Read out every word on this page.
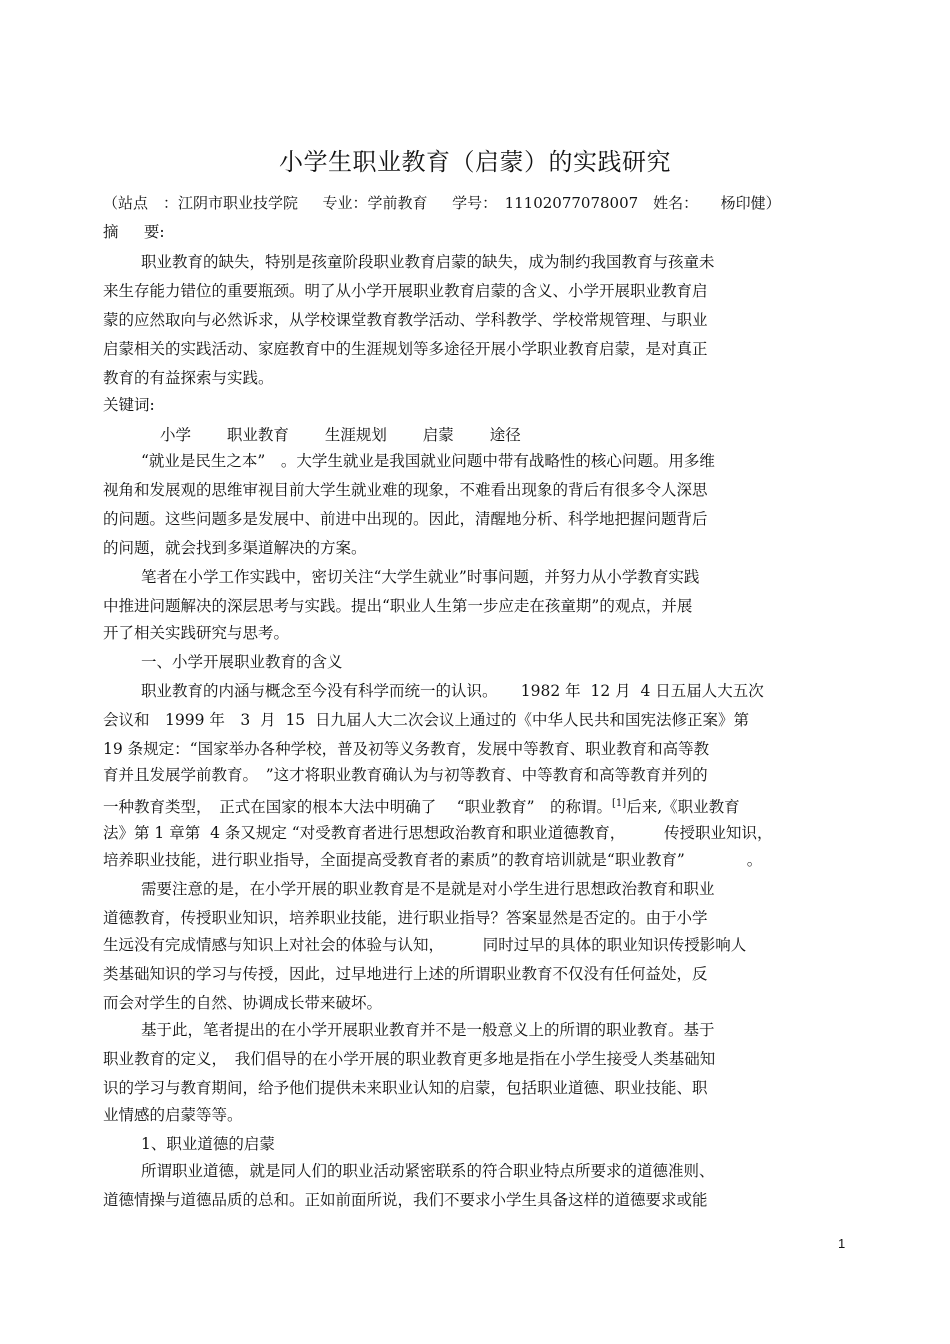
小学生职业教育（启蒙）的实践研究
（站点　：江阴市职业技学院　  专业：学前教育　  学号：　11102077078007　姓名：　　杨印健）
摘　  要:
职业教育的缺失，特别是孩童阶段职业教育启蒙的缺失，成为制约我国教育与孩童未
来生存能力错位的重要瓶颈。明了从小学开展职业教育启蒙的含义、小学开展职业教育启
蒙的应然取向与必然诉求，从学校课堂教育教学活动、学科教学、学校常规管理、与职业
启蒙相关的实践活动、家庭教育中的生涯规划等多途径开展小学职业教育启蒙，是对真正
教育的有益探索与实践。
关键词:
小学　　 职业教育　　 生涯规划　　 启蒙　　 途径
“就业是民生之本”　。大学生就业是我国就业问题中带有战略性的核心问题。用多维
视角和发展观的思维审视目前大学生就业难的现象，不难看出现象的背后有很多令人深思
的问题。这些问题多是发展中、前进中出现的。因此，清醒地分析、科学地把握问题背后
的问题，就会找到多渠道解决的方案。
笔者在小学工作实践中，密切关注“大学生就业”时事问题，并努力从小学教育实践
中推进问题解决的深层思考与实践。提出“职业人生第一步应走在孩童期”的观点，并展
开了相关实践研究与思考。
一、小学开展职业教育的含义
职业教育的内涵与概念至今没有科学而统一的认识。　　1982 年  12 月  4 日五届人大五次
会议和　1999 年　3  月  15  日九届人大二次会议上通过的《中华人民共和国宪法修正案》第
19 条规定：“国家举办各种学校，普及初等义务教育，发展中等教育、职业教育和高等教
育并且发展学前教育。　”这才将职业教育确认为与初等教育、中等教育和高等教育并列的
一种教育类型，　正式在国家的根本大法中明确了　 “职业教育”　的称谓。[1]后来,《职业教育
法》第 1 章第  4 条又规定 “对受教育者进行思想政治教育和职业道德教育，　　　传授职业知识，
培养职业技能，进行职业指导，全面提高受教育者的素质”的教育培训就是“职业教育”　　　　。
需要注意的是，在小学开展的职业教育是不是就是对小学生进行思想政治教育和职业
道德教育，传授职业知识，培养职业技能，进行职业指导？答案显然是否定的。由于小学
生远没有完成情感与知识上对社会的体验与认知，　　　同时过早的具体的职业知识传授影响人
类基础知识的学习与传授，因此，过早地进行上述的所谓职业教育不仅没有任何益处，反
而会对学生的自然、协调成长带来破坏。
基于此，笔者提出的在小学开展职业教育并不是一般意义上的所谓的职业教育。基于
职业教育的定义，　我们倡导的在小学开展的职业教育更多地是指在小学生接受人类基础知
识的学习与教育期间，给予他们提供未来职业认知的启蒙，包括职业道德、职业技能、职
业情感的启蒙等等。
1、职业道德的启蒙
所谓职业道德，就是同人们的职业活动紧密联系的符合职业特点所要求的道德准则、
道德情操与道德品质的总和。正如前面所说，我们不要求小学生具备这样的道德要求或能
1
